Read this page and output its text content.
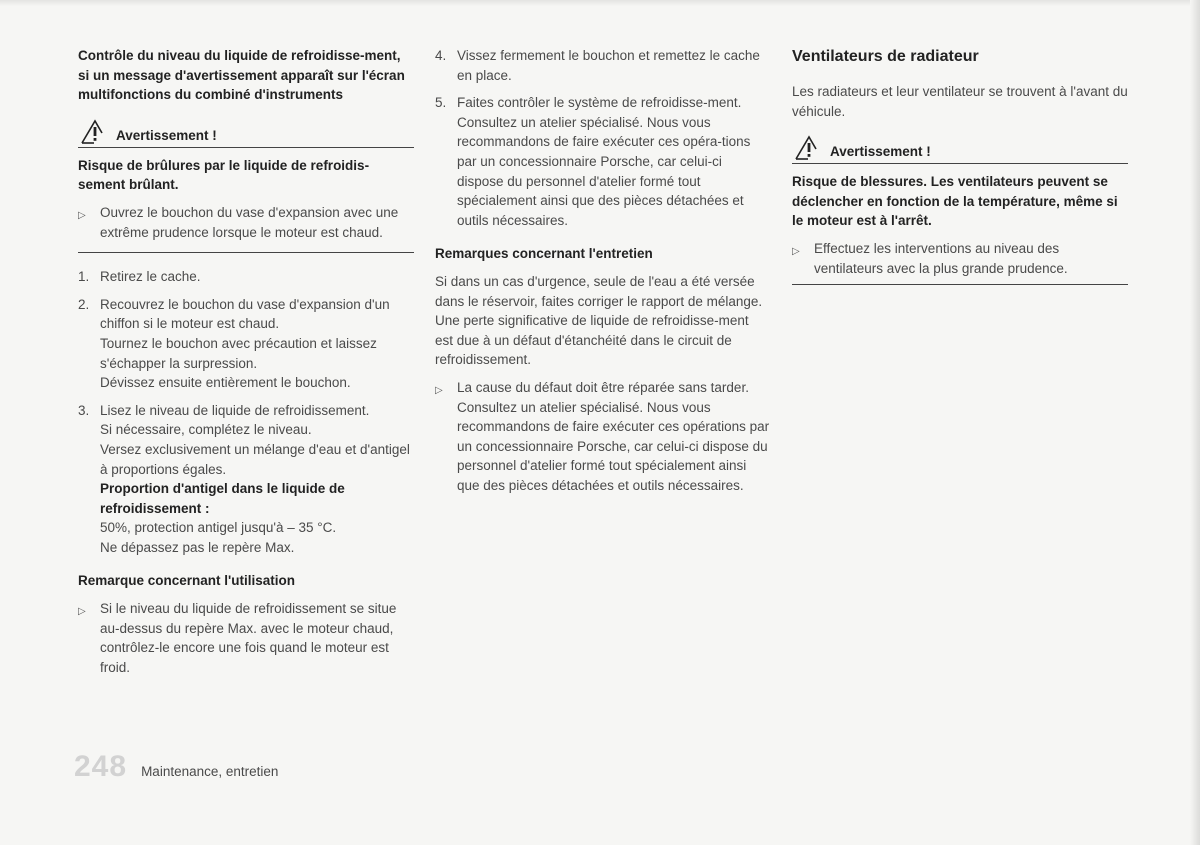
Contrôle du niveau du liquide de refroidisse-ment, si un message d'avertissement apparaît sur l'écran multifonctions du combiné d'instruments
Avertissement !
Risque de brûlures par le liquide de refroidis-sement brûlant.
▷	Ouvrez le bouchon du vase d'expansion avec une extrême prudence lorsque le moteur est chaud.
1. Retirez le cache.
2. Recouvrez le bouchon du vase d'expansion d'un chiffon si le moteur est chaud.
Tournez le bouchon avec précaution et laissez s'échapper la surpression.
Dévissez ensuite entièrement le bouchon.
3. Lisez le niveau de liquide de refroidissement.
Si nécessaire, complétez le niveau.
Versez exclusivement un mélange d'eau et d'antigel à proportions égales.
Proportion d'antigel dans le liquide de refroidissement :
50%, protection antigel jusqu'à – 35 °C.
Ne dépassez pas le repère Max.
Remarque concernant l'utilisation
▷	Si le niveau du liquide de refroidissement se situe au-dessus du repère Max. avec le moteur chaud, contrôlez-le encore une fois quand le moteur est froid.
4. Vissez fermement le bouchon et remettez le cache en place.
5. Faites contrôler le système de refroidisse-ment.
Consultez un atelier spécialisé. Nous vous recommandons de faire exécuter ces opéra-tions par un concessionnaire Porsche, car celui-ci dispose du personnel d'atelier formé tout spécialement ainsi que des pièces détachées et outils nécessaires.
Remarques concernant l'entretien
Si dans un cas d'urgence, seule de l'eau a été versée dans le réservoir, faites corriger le rapport de mélange.
Une perte significative de liquide de refroidisse-ment est due à un défaut d'étanchéité dans le circuit de refroidissement.
▷	La cause du défaut doit être réparée sans tarder. Consultez un atelier spécialisé. Nous vous recommandons de faire exécuter ces opérations par un concessionnaire Porsche, car celui-ci dispose du personnel d'atelier formé tout spécialement ainsi que des pièces détachées et outils nécessaires.
Ventilateurs de radiateur
Les radiateurs et leur ventilateur se trouvent à l'avant du véhicule.
Avertissement !
Risque de blessures. Les ventilateurs peuvent se déclencher en fonction de la température, même si le moteur est à l'arrêt.
▷	Effectuez les interventions au niveau des ventilateurs avec la plus grande prudence.
248 Maintenance, entretien
